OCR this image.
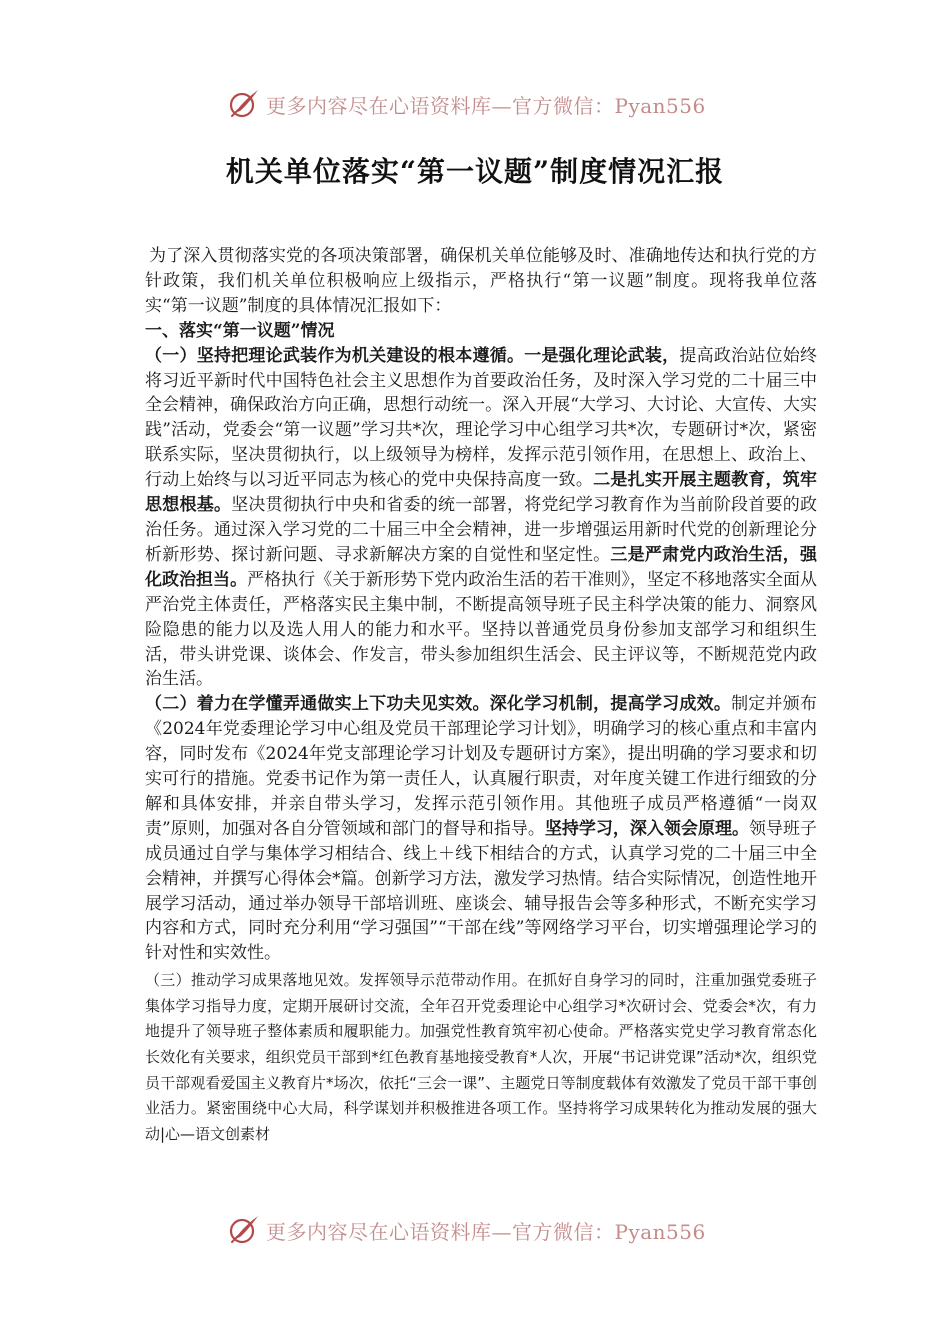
更多内容尽在心语资料库—官方微信：Pyan556
机关单位落实“第一议题”制度情况汇报

为了深入贯彻落实党的各项决策部署，确保机关单位能够及时、准确地传达和执行党的方针政策，我们机关单位积极响应上级指示，严格执行“第一议题”制度。现将我单位落实“第一议题”制度的具体情况汇报如下：

一、落实“第一议题”情况

（一）坚持把理论武装作为机关建设的根本遵循。一是强化理论武装，提高政治站位始终将习近平新时代中国特色社会主义思想作为首要政治任务，及时深入学习党的二十届三中全会精神，确保政治方向正确，思想行动统一。深入开展“大学习、大讨论、大宣传、大实践”活动，党委会“第一议题”学习共*次，理论学习中心组学习共*次，专题研讨*次，紧密联系实际，坚决贯彻执行，以上级领导为榜样，发挥示范引领作用，在思想上、政治上、行动上始终与以习近平同志为核心的党中央保持高度一致。二是扎实开展主题教育，筑牢思想根基。坚决贯彻执行中央和省委的统一部署，将党纪学习教育作为当前阶段首要的政治任务。通过深入学习党的二十届三中全会精神，进一步增强运用新时代党的创新理论分析新形势、探讨新问题、寻求新解决方案的自觉性和坚定性。三是严肃党内政治生活，强化政治担当。严格执行《关于新形势下党内政治生活的若干准则》，坚定不移地落实全面从严治党主体责任，严格落实民主集中制，不断提高领导班子民主科学决策的能力、洞察风险隐患的能力以及选人用人的能力和水平。坚持以普通党员身份参加支部学习和组织生活，带头讲党课、谈体会、作发言，带头参加组织生活会、民主评议等，不断规范党内政治生活。

（二）着力在学懂弄通做实上下功夫见实效。深化学习机制，提高学习成效。制定并颁布《2024年党委理论学习中心组及党员干部理论学习计划》，明确学习的核心重点和丰富内容，同时发布《2024年党支部理论学习计划及专题研讨方案》，提出明确的学习要求和切实可行的措施。党委书记作为第一责任人，认真履行职责，对年度关键工作进行细致的分解和具体安排，并亲自带头学习，发挥示范引领作用。其他班子成员严格遵循“一岗双责”原则，加强对各自分管领域和部门的督导和指导。坚持学习，深入领会原理。领导班子成员通过自学与集体学习相结合、线上＋线下相结合的方式，认真学习党的二十届三中全会精神，并撰写心得体会*篇。创新学习方法，激发学习热情。结合实际情况，创造性地开展学习活动，通过举办领导干部培训班、座谈会、辅导报告会等多种形式，不断充实学习内容和方式，同时充分利用“学习强国”“干部在线”等网络学习平台，切实增强理论学习的针对性和实效性。

（三）推动学习成果落地见效。发挥领导示范带动作用。在抓好自身学习的同时，注重加强党委班子集体学习指导力度，定期开展研讨交流，全年召开党委理论中心组学习*次研讨会、党委会*次，有力地提升了领导班子整体素质和履职能力。加强党性教育筑牢初心使命。严格落实党史学习教育常态化长效化有关要求，组织党员干部到*红色教育基地接受教育*人次，开展“书记讲党课”活动*次，组织党员干部观看爱国主义教育片*场次，依托“三会一课”、主题党日等制度载体有效激发了党员干部干事创业活力。紧密围绕中心大局，科学谋划并积极推进各项工作。坚持将学习成果转化为推动发展的强大动|心—语文创素材

更多内容尽在心语资料库—官方微信：Pyan556
